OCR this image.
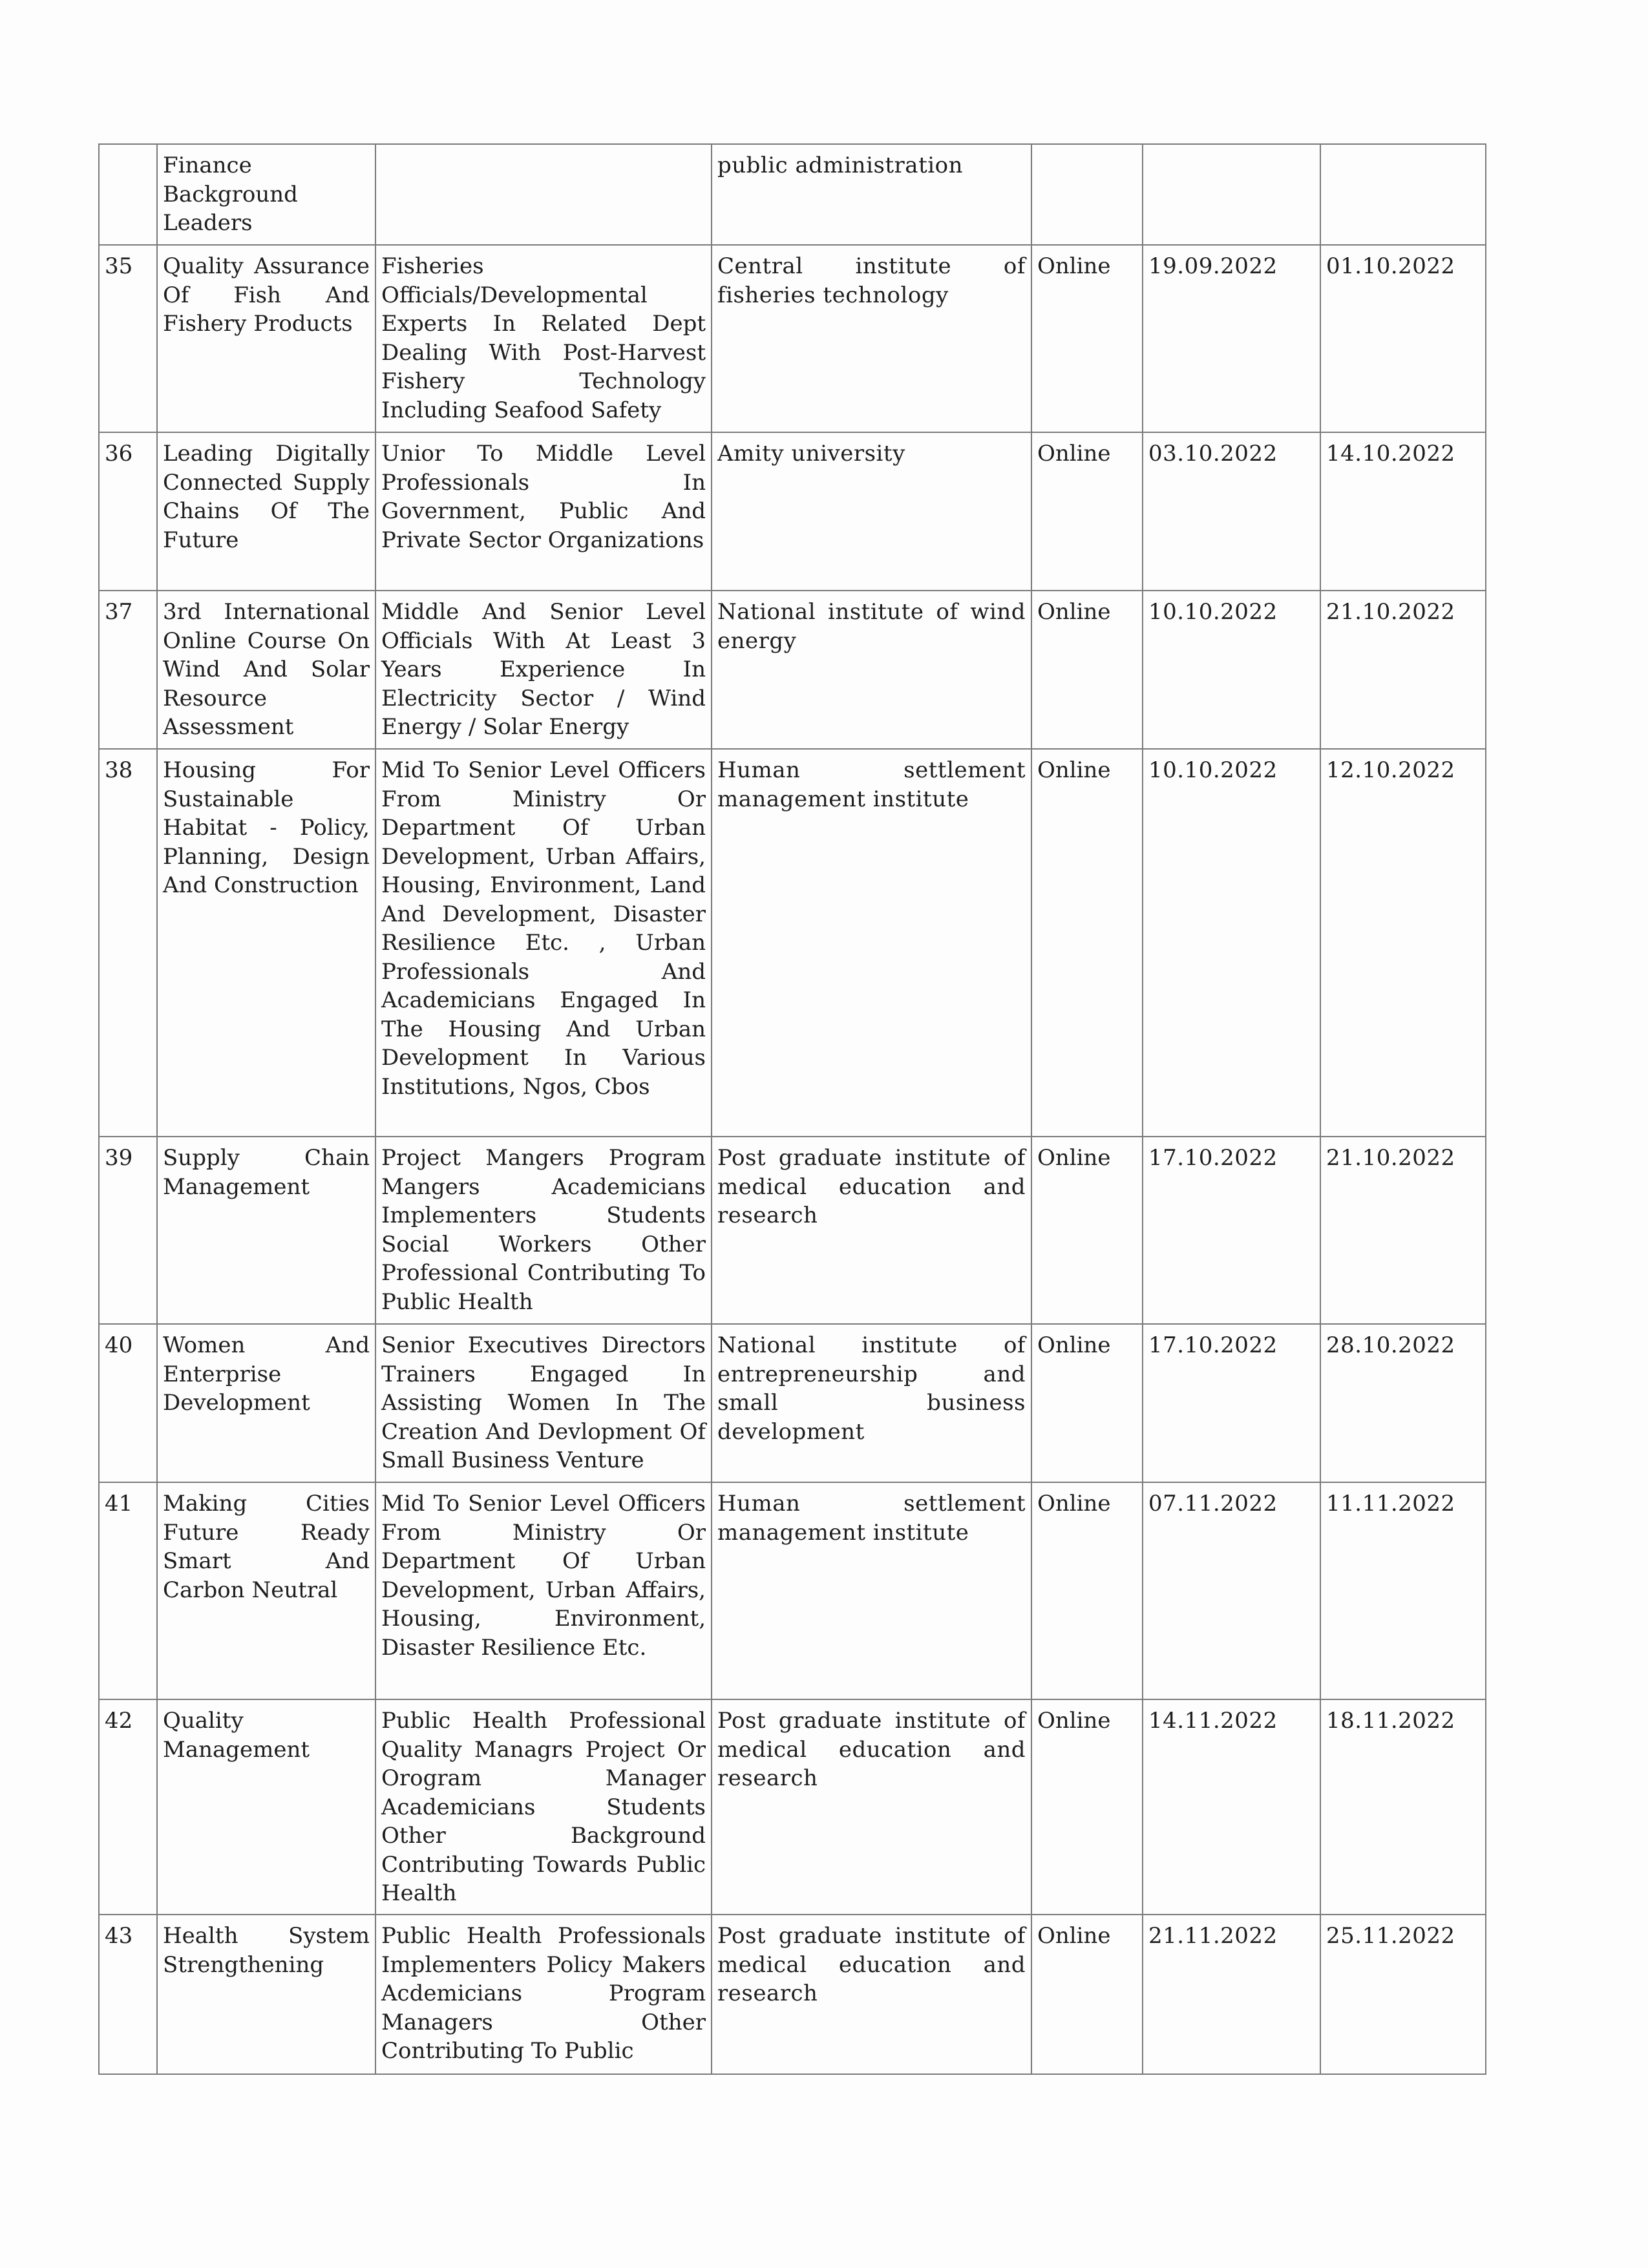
	Finance
Background
Leaders		public administration			
35	Quality Assurance Of Fish And Fishery Products	Fisheries Officials/Developmental Experts In Related Dept Dealing With Post-Harvest Fishery Technology Including Seafood Safety	Central institute of fisheries technology	Online	19.09.2022	01.10.2022
36	Leading Digitally Connected Supply Chains Of The Future	Unior To Middle Level Professionals In Government, Public And Private Sector Organizations	Amity university	Online	03.10.2022	14.10.2022
37	3rd International Online Course On Wind And Solar Resource Assessment	Middle And Senior Level Officials With At Least 3 Years Experience In Electricity Sector / Wind Energy / Solar Energy	National institute of wind energy	Online	10.10.2022	21.10.2022
38	Housing For Sustainable Habitat - Policy, Planning, Design And Construction	Mid To Senior Level Officers From Ministry Or Department Of Urban Development, Urban Affairs, Housing, Environment, Land And Development, Disaster Resilience Etc. , Urban Professionals And Academicians Engaged In The Housing And Urban Development In Various Institutions, Ngos, Cbos	Human settlement management institute	Online	10.10.2022	12.10.2022
39	Supply Chain Management	Project Mangers Program Mangers Academicians Implementers Students Social Workers Other Professional Contributing To Public Health	Post graduate institute of medical education and research	Online	17.10.2022	21.10.2022
40	Women And Enterprise Development	Senior Executives Directors Trainers Engaged In Assisting Women In The Creation And Devlopment Of Small Business Venture	National institute of entrepreneurship and small business development	Online	17.10.2022	28.10.2022
41	Making Cities Future Ready Smart And Carbon Neutral	Mid To Senior Level Officers From Ministry Or Department Of Urban Development, Urban Affairs, Housing, Environment, Disaster Resilience Etc.	Human settlement management institute	Online	07.11.2022	11.11.2022
42	Quality Management	Public Health Professional Quality Managrs Project Or Orogram Manager Academicians Students Other Background Contributing Towards Public Health	Post graduate institute of medical education and research	Online	14.11.2022	18.11.2022
43	Health System Strengthening	Public Health Professionals Implementers Policy Makers Acdemicians Program Managers Other Contributing To Public	Post graduate institute of medical education and research	Online	21.11.2022	25.11.2022
